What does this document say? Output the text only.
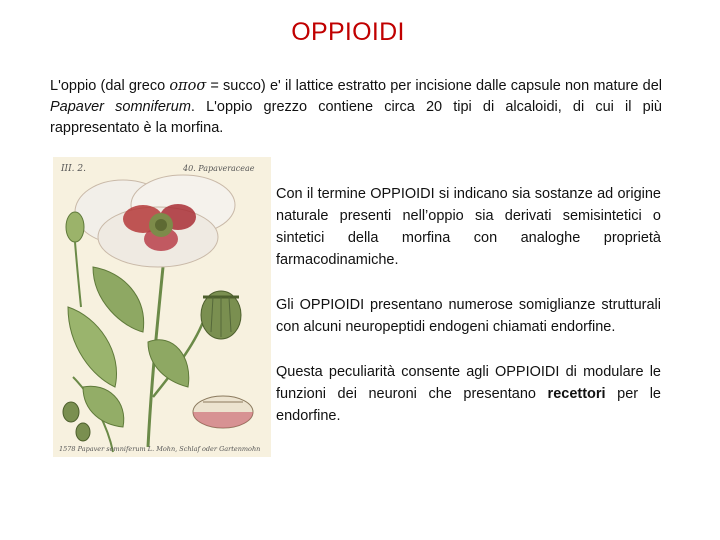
OPPIOIDI
L'oppio (dal greco οποσ = succo) e' il lattice estratto per incisione dalle capsule non mature del Papaver somniferum. L'oppio grezzo contiene circa 20 tipi di alcaloidi, di cui il più rappresentato è la morfina.
III. 2.	40. Papaveraceae
1578 Papaver somniferum L. Mohn, Schlaf oder Gartenmohn

Con il termine OPPIOIDI si indicano sia sostanze ad origine naturale presenti nell’oppio sia derivati semisintetici o sintetici della morfina con analoghe proprietà farmacodinamiche.

Gli OPPIOIDI presentano numerose somiglianze strutturali con alcuni neuropeptidi endogeni chiamati endorfine.

Questa peculiarità consente agli OPPIOIDI di modulare le funzioni dei neuroni che presentano recettori per le endorfine.
